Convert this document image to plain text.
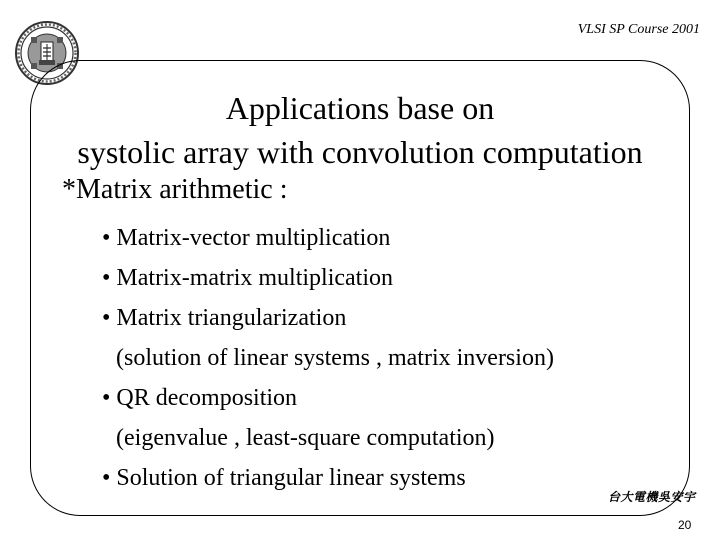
VLSI SP Course 2001
Applications base on
systolic array with convolution computation
*Matrix arithmetic :
• Matrix-vector multiplication
• Matrix-matrix multiplication
• Matrix triangularization
(solution of linear systems , matrix inversion)
• QR decomposition
(eigenvalue , least-square computation)
• Solution of triangular linear systems
台大電機吳安宇
20
